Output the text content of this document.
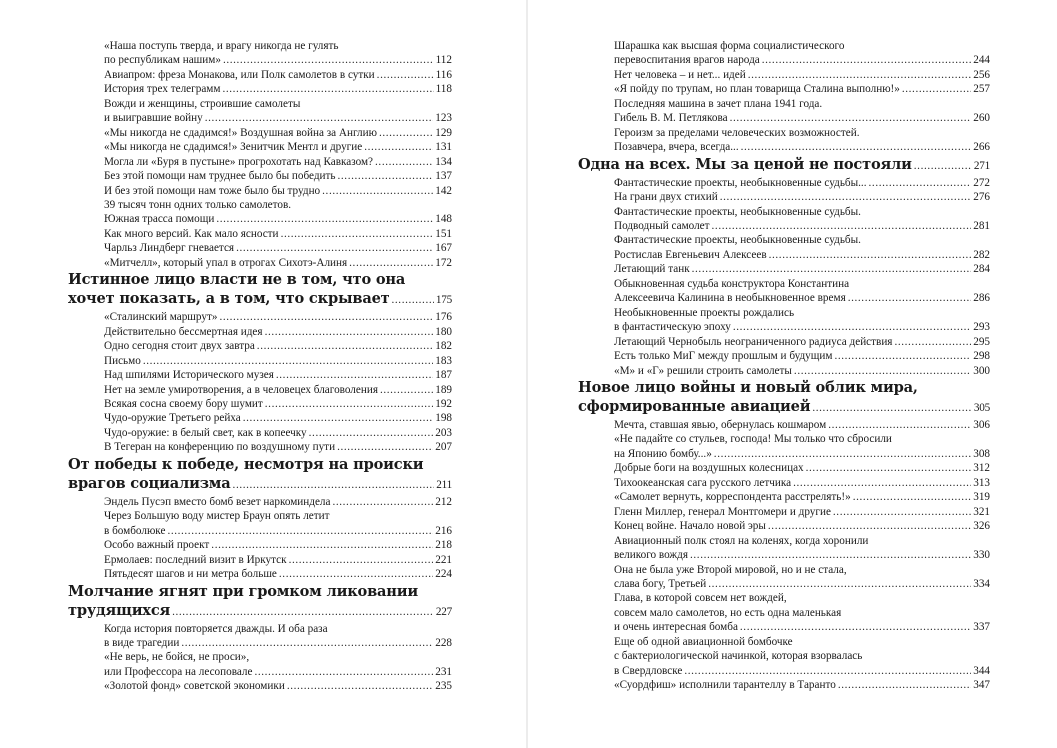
«Наша поступь тверда, и врагу никогда не гулять
по республикам нашим» . . .	112
Авиапром: фреза Монакова, или Полк самолетов в сутки . . .	116
История трех телеграмм . . .	118
Вожди и женщины, строившие самолеты
и выигравшие войну . . .	123
«Мы никогда не сдадимся!» Воздушная война за Англию . . .	129
«Мы никогда не сдадимся!» Зенитчик Ментл и другие . . .	131
Могла ли «Буря в пустыне» прогрохотать над Кавказом? . . .	134
Без этой помощи нам труднее было бы победить . . .	137
И без этой помощи нам тоже было бы трудно . . .	142
39 тысяч тонн одних только самолетов.
Южная трасса помощи . . .	148
Как много версий. Как мало ясности . . .	151
Чарльз Линдберг гневается . . .	167
«Митчелл», который упал в отрогах Сихотэ-Алиня . . .	172
Истинное лицо власти не в том, что она
хочет показать, а в том, что скрывает . . .	175
«Сталинский маршрут» . . .	176
Действительно бессмертная идея . . .	180
Одно сегодня стоит двух завтра . . .	182
Письмо . . .	183
Над шпилями Исторического музея . . .	187
Нет на земле умиротворения, а в человецех благоволения . . .	189
Всякая сосна своему бору шумит . . .	192
Чудо-оружие Третьего рейха . . .	198
Чудо-оружие: в белый свет, как в копеечку . . .	203
В Тегеран на конференцию по воздушному пути . . .	207
От победы к победе, несмотря на происки
врагов социализма . . .	211
Эндель Пусэп вместо бомб везет наркоминдела . . .	212
Через Большую воду мистер Браун опять летит
в бомболюке . . .	216
Особо важный проект . . .	218
Ермолаев: последний визит в Иркутск . . .	221
Пятьдесят шагов и ни метра больше . . .	224
Молчание ягнят при громком ликовании
трудящихся . . .	227
Когда история повторяется дважды. И оба раза
в виде трагедии . . .	228
«Не верь, не бойся, не проси»,
или Профессора на лесоповале . . .	231
«Золотой фонд» советской экономики . . .	235
Шарашка как высшая форма социалистического
перевоспитания врагов народа . . .	244
Нет человека – и нет... идей . . .	256
«Я пойду по трупам, но план товарища Сталина выполню!» . . .	257
Последняя машина в зачет плана 1941 года.
Гибель В. М. Петлякова . . .	260
Героизм за пределами человеческих возможностей.
Позавчера, вчера, всегда... . . .	266
Одна на всех. Мы за ценой не постояли . . .	271
Фантастические проекты, необыкновенные судьбы... . . .	272
На грани двух стихий . . .	276
Фантастические проекты, необыкновенные судьбы.
Подводный самолет . . .	281
Фантастические проекты, необыкновенные судьбы.
Ростислав Евгеньевич Алексеев . . .	282
Летающий танк . . .	284
Обыкновенная судьба конструктора Константина
Алексеевича Калинина в необыкновенное время . . .	286
Необыкновенные проекты рождались
в фантастическую эпоху . . .	293
Летающий Чернобыль неограниченного радиуса действия . . .	295
Есть только МиГ между прошлым и будущим . . .	298
«М» и «Г» решили строить самолеты . . .	300
Новое лицо войны и новый облик мира,
сформированные авиацией . . .	305
Мечта, ставшая явью, обернулась кошмаром . . .	306
«Не падайте со стульев, господа! Мы только что сбросили
на Японию бомбу...» . . .	308
Добрые боги на воздушных колесницах . . .	312
Тихоокеанская сага русского летчика . . .	313
«Самолет вернуть, корреспондента расстрелять!» . . .	319
Гленн Миллер, генерал Монтгомери и другие . . .	321
Конец войне. Начало новой эры . . .	326
Авиационный полк стоял на коленях, когда хоронили
великого вождя . . .	330
Она не была уже Второй мировой, но и не стала,
слава богу, Третьей . . .	334
Глава, в которой совсем нет вождей,
совсем мало самолетов, но есть одна маленькая
и очень интересная бомба . . .	337
Еще об одной авиационной бомбочке
с бактериологической начинкой, которая взорвалась
в Свердловске . . .	344
«Суордфиш» исполнили тарантеллу в Таранто . . .	347
